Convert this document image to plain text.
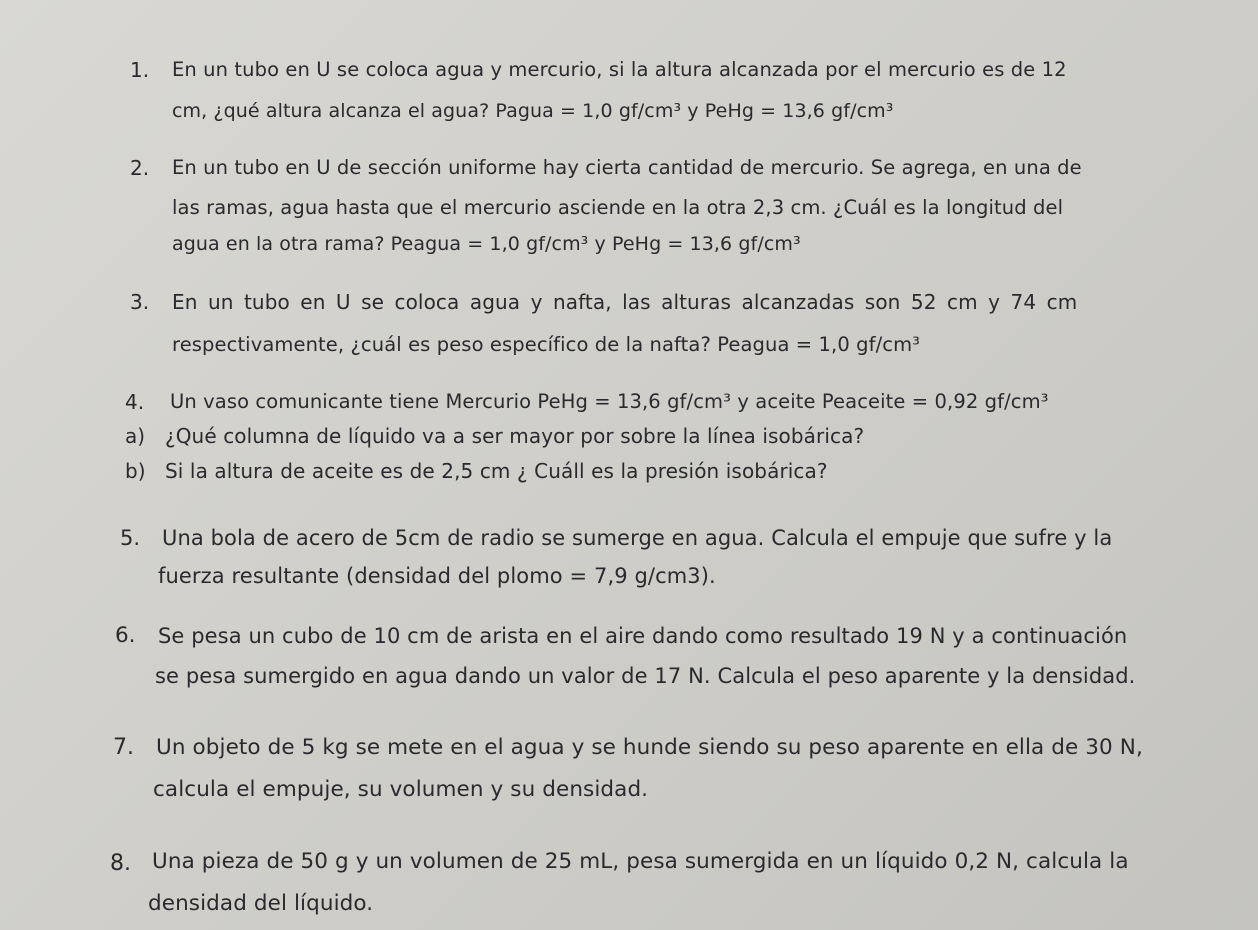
1. En un tubo en U se coloca agua y mercurio, si la altura alcanzada por el mercurio es de 12
cm, ¿qué altura alcanza el agua? Pagua = 1,0 gf/cm³ y PeHg = 13,6 gf/cm³
2. En un tubo en U de sección uniforme hay cierta cantidad de mercurio. Se agrega, en una de
las ramas, agua hasta que el mercurio asciende en la otra 2,3 cm. ¿Cuál es la longitud del
agua en la otra rama? Peagua = 1,0 gf/cm³ y PeHg = 13,6 gf/cm³
3. En un tubo en U se coloca agua y nafta, las alturas alcanzadas son 52 cm y 74 cm
respectivamente, ¿cuál es peso específico de la nafta? Peagua = 1,0 gf/cm³
4. Un vaso comunicante tiene Mercurio PeHg = 13,6 gf/cm³ y aceite Peaceite = 0,92 gf/cm³
a) ¿Qué columna de líquido va a ser mayor por sobre la línea isobárica?
b) Si la altura de aceite es de 2,5 cm ¿ Cuáll es la presión isobárica?
5. Una bola de acero de 5cm de radio se sumerge en agua. Calcula el empuje que sufre y la
fuerza resultante (densidad del plomo = 7,9 g/cm3).
6. Se pesa un cubo de 10 cm de arista en el aire dando como resultado 19 N y a continuación
se pesa sumergido en agua dando un valor de 17 N. Calcula el peso aparente y la densidad.
7. Un objeto de 5 kg se mete en el agua y se hunde siendo su peso aparente en ella de 30 N,
calcula el empuje, su volumen y su densidad.
8. Una pieza de 50 g y un volumen de 25 mL, pesa sumergida en un líquido 0,2 N, calcula la
densidad del líquido.
